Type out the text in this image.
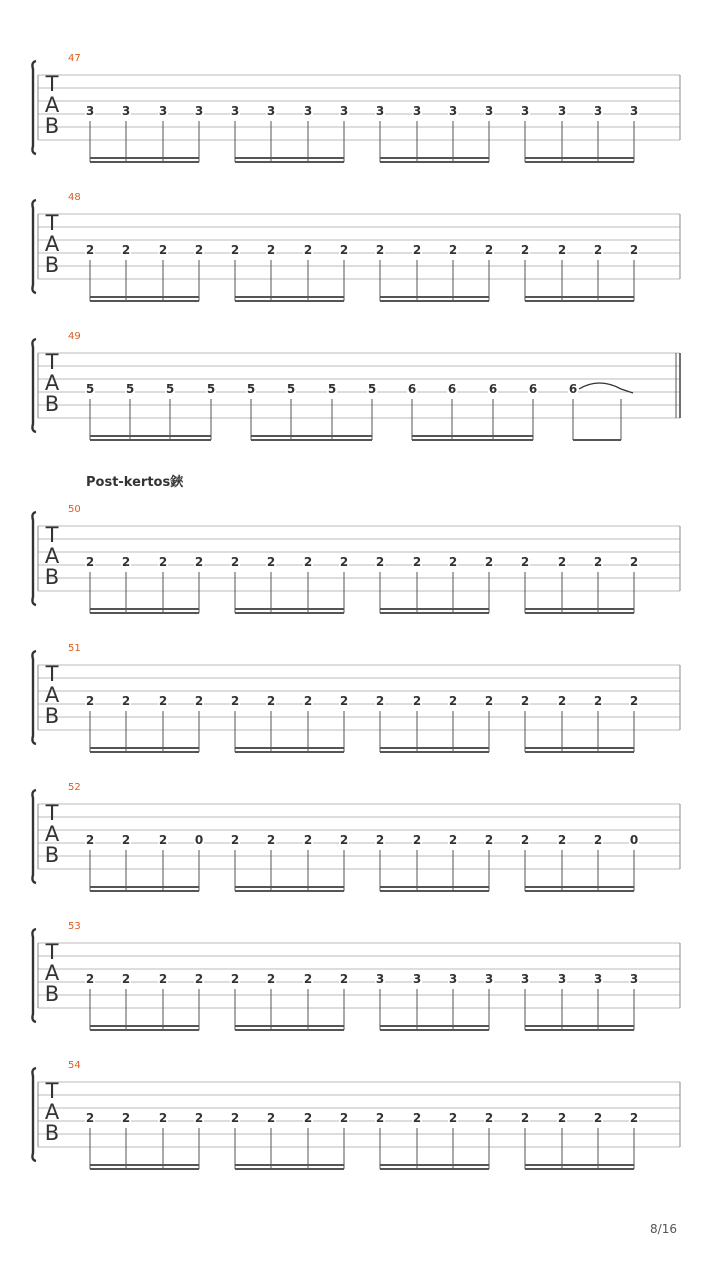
47
T
A
B
3 3 3 3 3 3 3 3 3 3 3 3 3 3 3 3
48
T
A
B
2 2 2 2 2 2 2 2 2 2 2 2 2 2 2 2
49
T
A
B
5	5	5	5	5	5	5	5	6	6	6	6	6
50
T
A
B
2 2 2 2 2 2 2 2 2 2 2 2 2 2 2 2
51
T
A
B
2 2 2 2 2 2 2 2 2 2 2 2 2 2 2 2
52
T
A
B
2 2 2 0 2 2 2 2 2 2 2 2 2 2 2 0
53
T
A
B
2 2 2 2 2 2 2 2 3 3 3 3 3 3 3 3
54
T
A
B
2 2 2 2 2 2 2 2 2 2 2 2 2 2 2 2
Post-kertos鋏
8/16
